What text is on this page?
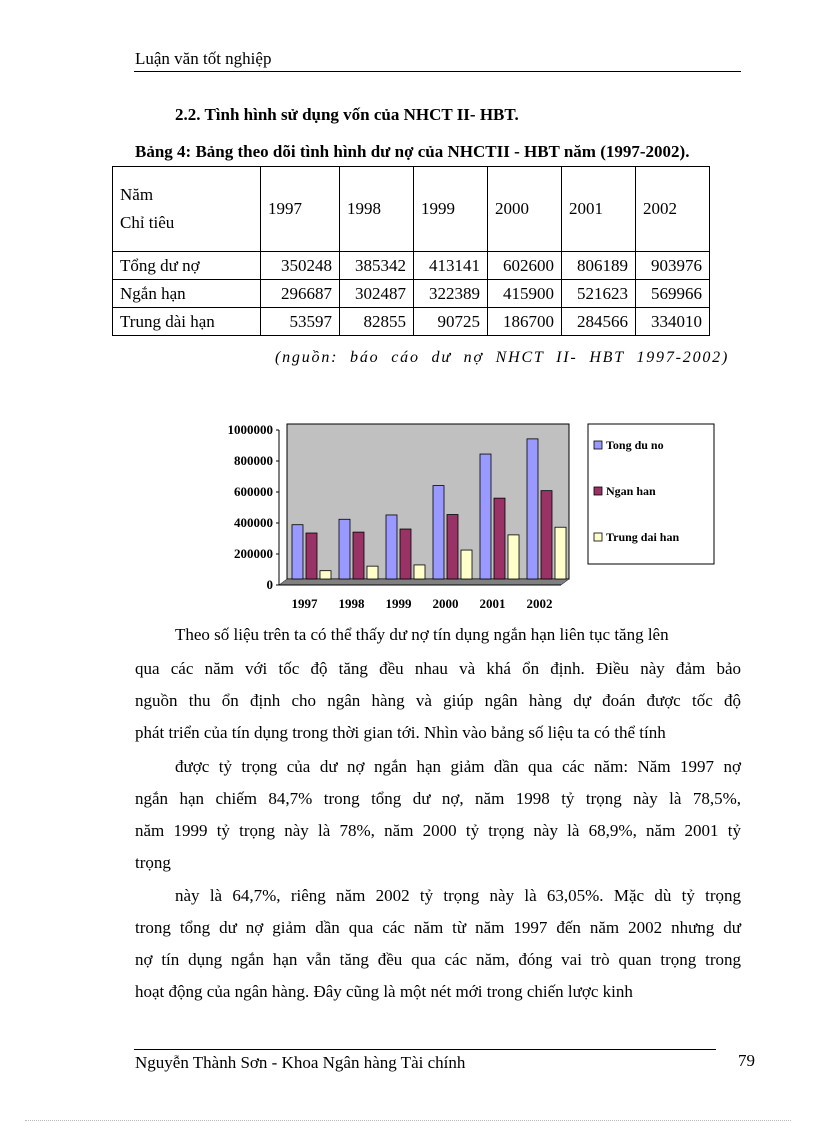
Luận văn tốt nghiệp
2.2. Tình hình sử dụng vốn của NHCT II- HBT.
Bảng 4: Bảng theo dõi tình hình dư nợ của NHCTII - HBT năm (1997-2002).
Năm
Chỉ tiêu	1997	1998	1999	2000	2001	2002
Tổng dư nợ	350248	385342	413141	602600	806189	903976
Ngắn hạn	296687	302487	322389	415900	521623	569966
Trung dài hạn	53597	82855	90725	186700	284566	334010
(nguồn: báo cáo dư nợ NHCT II- HBT 1997-2002)
1000000
800000
600000
400000
200000
0
1997 1998 1999 2000 2001 2002
Tong du no
Ngan han
Trung dai han
Theo số liệu trên ta có thể thấy dư nợ tín dụng ngắn hạn liên tục tăng lên
qua các năm với tốc độ tăng đều nhau và khá ổn định. Điều này đảm bảo
nguồn thu ổn định cho ngân hàng và giúp ngân hàng dự đoán được tốc độ
phát triển của tín dụng trong thời gian tới. Nhìn vào bảng số liệu ta có thể tính
được tỷ trọng của dư nợ ngắn hạn giảm dần qua các năm: Năm 1997 nợ
ngắn hạn chiếm 84,7% trong tổng dư nợ, năm 1998 tỷ trọng này là 78,5%,
năm 1999 tỷ trọng này là 78%, năm 2000 tỷ trọng này là 68,9%, năm 2001 tỷ
trọng
này là 64,7%, riêng năm 2002 tỷ trọng này là 63,05%. Mặc dù tỷ trọng
trong tổng dư nợ giảm dần qua các năm từ năm 1997 đến năm 2002 nhưng dư
nợ tín dụng ngắn hạn vẫn tăng đều qua các năm, đóng vai trò quan trọng trong
hoạt động của ngân hàng. Đây cũng là một nét mới trong chiến lược kinh
Nguyễn Thành Sơn - Khoa Ngân hàng Tài chính	79
